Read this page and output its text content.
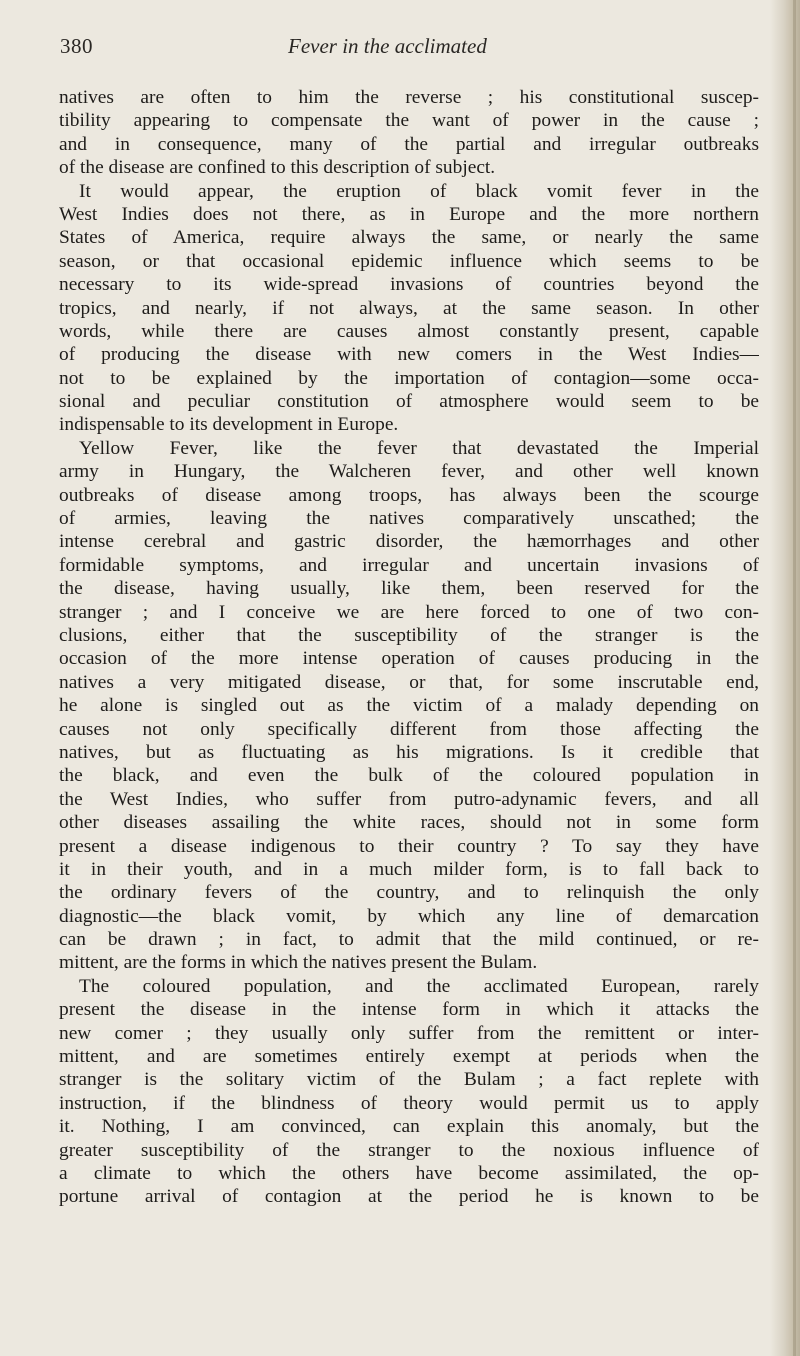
380	Fever in the acclimated
natives are often to him the reverse ; his constitutional suscep-
tibility appearing to compensate the want of power in the cause ;
and in consequence, many of the partial and irregular outbreaks
of the disease are confined to this description of subject.
It would appear, the eruption of black vomit fever in the
West Indies does not there, as in Europe and the more northern
States of America, require always the same, or nearly the same
season, or that occasional epidemic influence which seems to be
necessary to its wide-spread invasions of countries beyond the
tropics, and nearly, if not always, at the same season. In other
words, while there are causes almost constantly present, capable
of producing the disease with new comers in the West Indies—
not to be explained by the importation of contagion—some occa-
sional and peculiar constitution of atmosphere would seem to be
indispensable to its development in Europe.
Yellow Fever, like the fever that devastated the Imperial
army in Hungary, the Walcheren fever, and other well known
outbreaks of disease among troops, has always been the scourge
of armies, leaving the natives comparatively unscathed; the
intense cerebral and gastric disorder, the hæmorrhages and other
formidable symptoms, and irregular and uncertain invasions of
the disease, having usually, like them, been reserved for the
stranger ; and I conceive we are here forced to one of two con-
clusions, either that the susceptibility of the stranger is the
occasion of the more intense operation of causes producing in the
natives a very mitigated disease, or that, for some inscrutable end,
he alone is singled out as the victim of a malady depending on
causes not only specifically different from those affecting the
natives, but as fluctuating as his migrations. Is it credible that
the black, and even the bulk of the coloured population in
the West Indies, who suffer from putro-adynamic fevers, and all
other diseases assailing the white races, should not in some form
present a disease indigenous to their country ? To say they have
it in their youth, and in a much milder form, is to fall back to
the ordinary fevers of the country, and to relinquish the only
diagnostic—the black vomit, by which any line of demarcation
can be drawn ; in fact, to admit that the mild continued, or re-
mittent, are the forms in which the natives present the Bulam.
The coloured population, and the acclimated European, rarely
present the disease in the intense form in which it attacks the
new comer ; they usually only suffer from the remittent or inter-
mittent, and are sometimes entirely exempt at periods when the
stranger is the solitary victim of the Bulam ; a fact replete with
instruction, if the blindness of theory would permit us to apply
it. Nothing, I am convinced, can explain this anomaly, but the
greater susceptibility of the stranger to the noxious influence of
a climate to which the others have become assimilated, the op-
portune arrival of contagion at the period he is known to be
